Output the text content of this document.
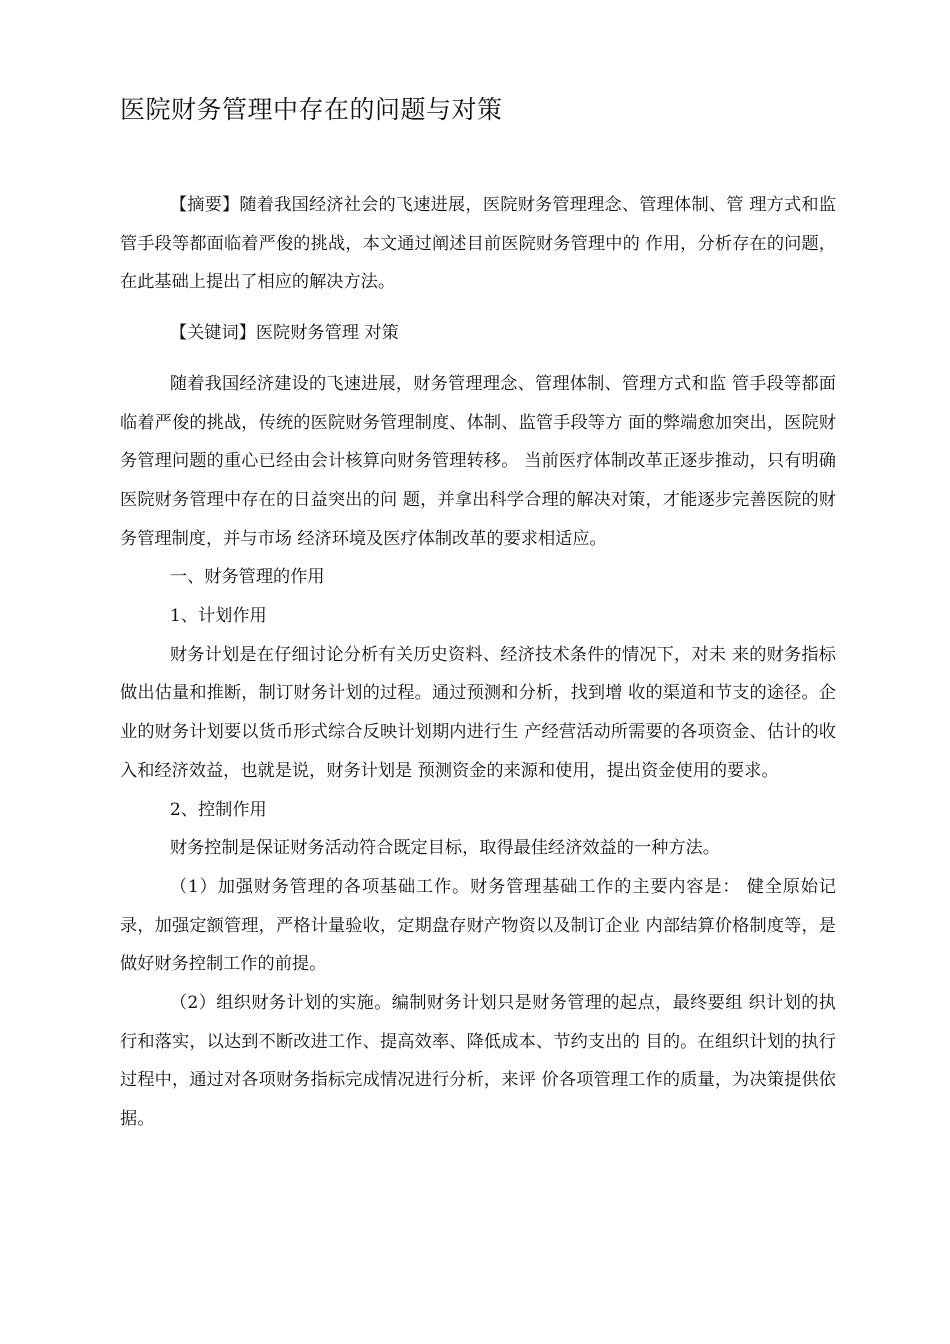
医院财务管理中存在的问题与对策

【摘要】随着我国经济社会的飞速进展，医院财务管理理念、管理体制、管 理方式和监管手段等都面临着严俊的挑战，本文通过阐述目前医院财务管理中的 作用，分析存在的问题，在此基础上提出了相应的解决方法。

【关键词】医院财务管理 对策

随着我国经济建设的飞速进展，财务管理理念、管理体制、管理方式和监 管手段等都面临着严俊的挑战，传统的医院财务管理制度、体制、监管手段等方 面的弊端愈加突出，医院财务管理问题的重心已经由会计核算向财务管理转移。 当前医疗体制改革正逐步推动，只有明确医院财务管理中存在的日益突出的问 题，并拿出科学合理的解决对策，才能逐步完善医院的财务管理制度，并与市场 经济环境及医疗体制改革的要求相适应。

一、财务管理的作用

1、计划作用

财务计划是在仔细讨论分析有关历史资料、经济技术条件的情况下，对未 来的财务指标做出估量和推断，制订财务计划的过程。通过预测和分析，找到增 收的渠道和节支的途径。企业的财务计划要以货币形式综合反映计划期内进行生 产经营活动所需要的各项资金、估计的收入和经济效益，也就是说，财务计划是 预测资金的来源和使用，提出资金使用的要求。

2、控制作用

财务控制是保证财务活动符合既定目标，取得最佳经济效益的一种方法。

（1）加强财务管理的各项基础工作。财务管理基础工作的主要内容是： 健全原始记录，加强定额管理，严格计量验收，定期盘存财产物资以及制订企业 内部结算价格制度等，是做好财务控制工作的前提。

（2）组织财务计划的实施。编制财务计划只是财务管理的起点，最终要组 织计划的执行和落实，以达到不断改进工作、提高效率、降低成本、节约支出的 目的。在组织计划的执行过程中，通过对各项财务指标完成情况进行分析，来评 价各项管理工作的质量，为决策提供依据。
